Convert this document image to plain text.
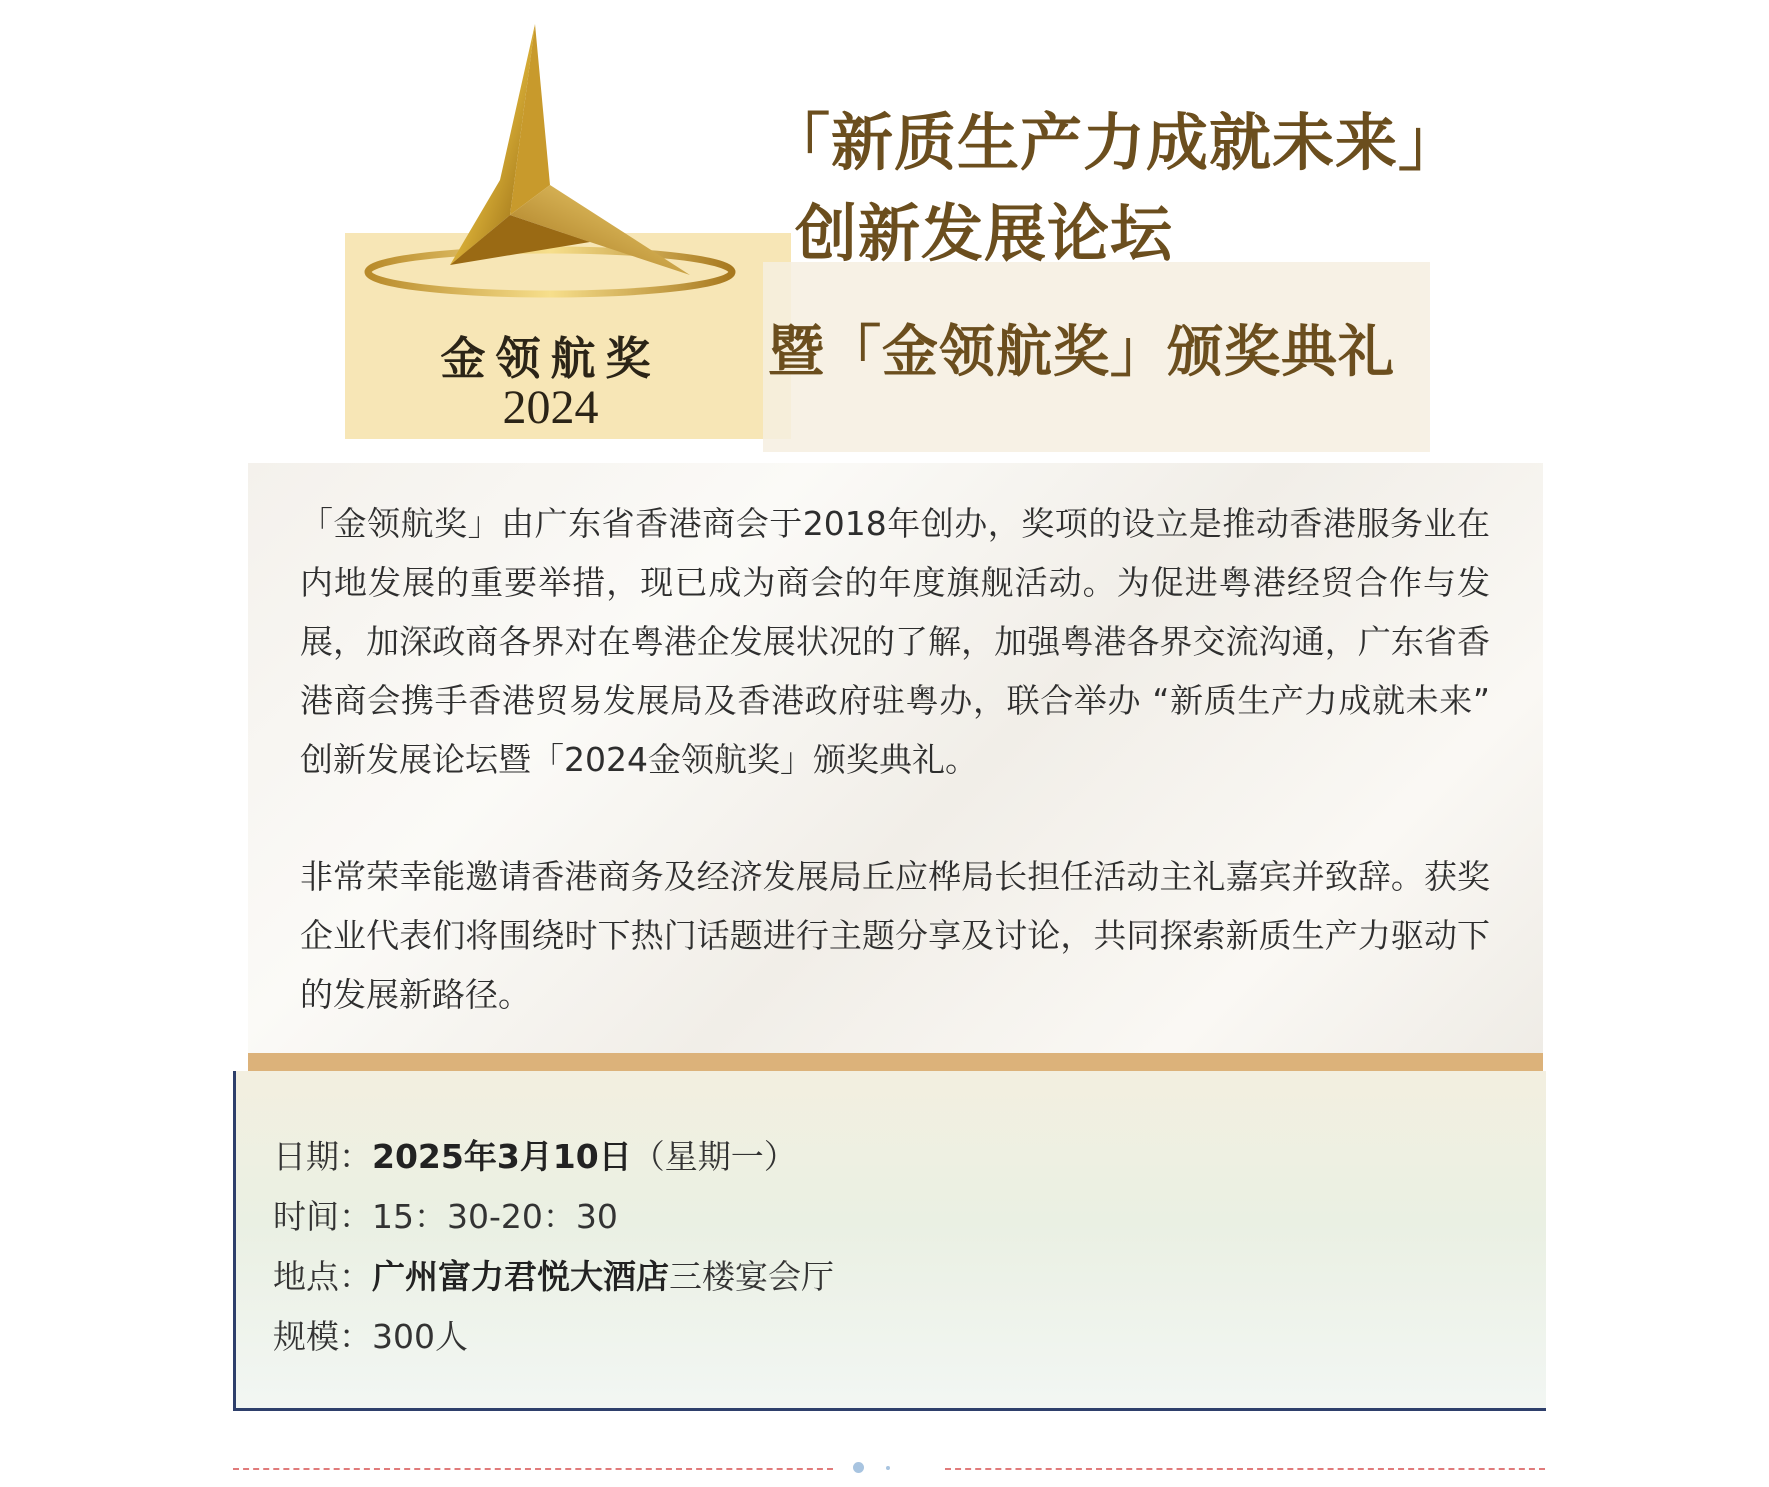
金领航奖
2024
「新质生产力成就未来」
创新发展论坛
暨「金领航奖」颁奖典礼

「金领航奖」由广东省香港商会于2018年创办，奖项的设立是推动香港服务业在内地发展的重要举措，现已成为商会的年度旗舰活动。为促进粤港经贸合作与发展，加深政商各界对在粤港企发展状况的了解，加强粤港各界交流沟通，广东省香港商会携手香港贸易发展局及香港政府驻粤办，联合举办 “新质生产力成就未来” 创新发展论坛暨「2024金领航奖」颁奖典礼。

非常荣幸能邀请香港商务及经济发展局丘应桦局长担任活动主礼嘉宾并致辞。获奖企业代表们将围绕时下热门话题进行主题分享及讨论，共同探索新质生产力驱动下的发展新路径。

日期：2025年3月10日（星期一）
时间：15：30-20：30
地点：广州富力君悦大酒店三楼宴会厅
规模：300人
